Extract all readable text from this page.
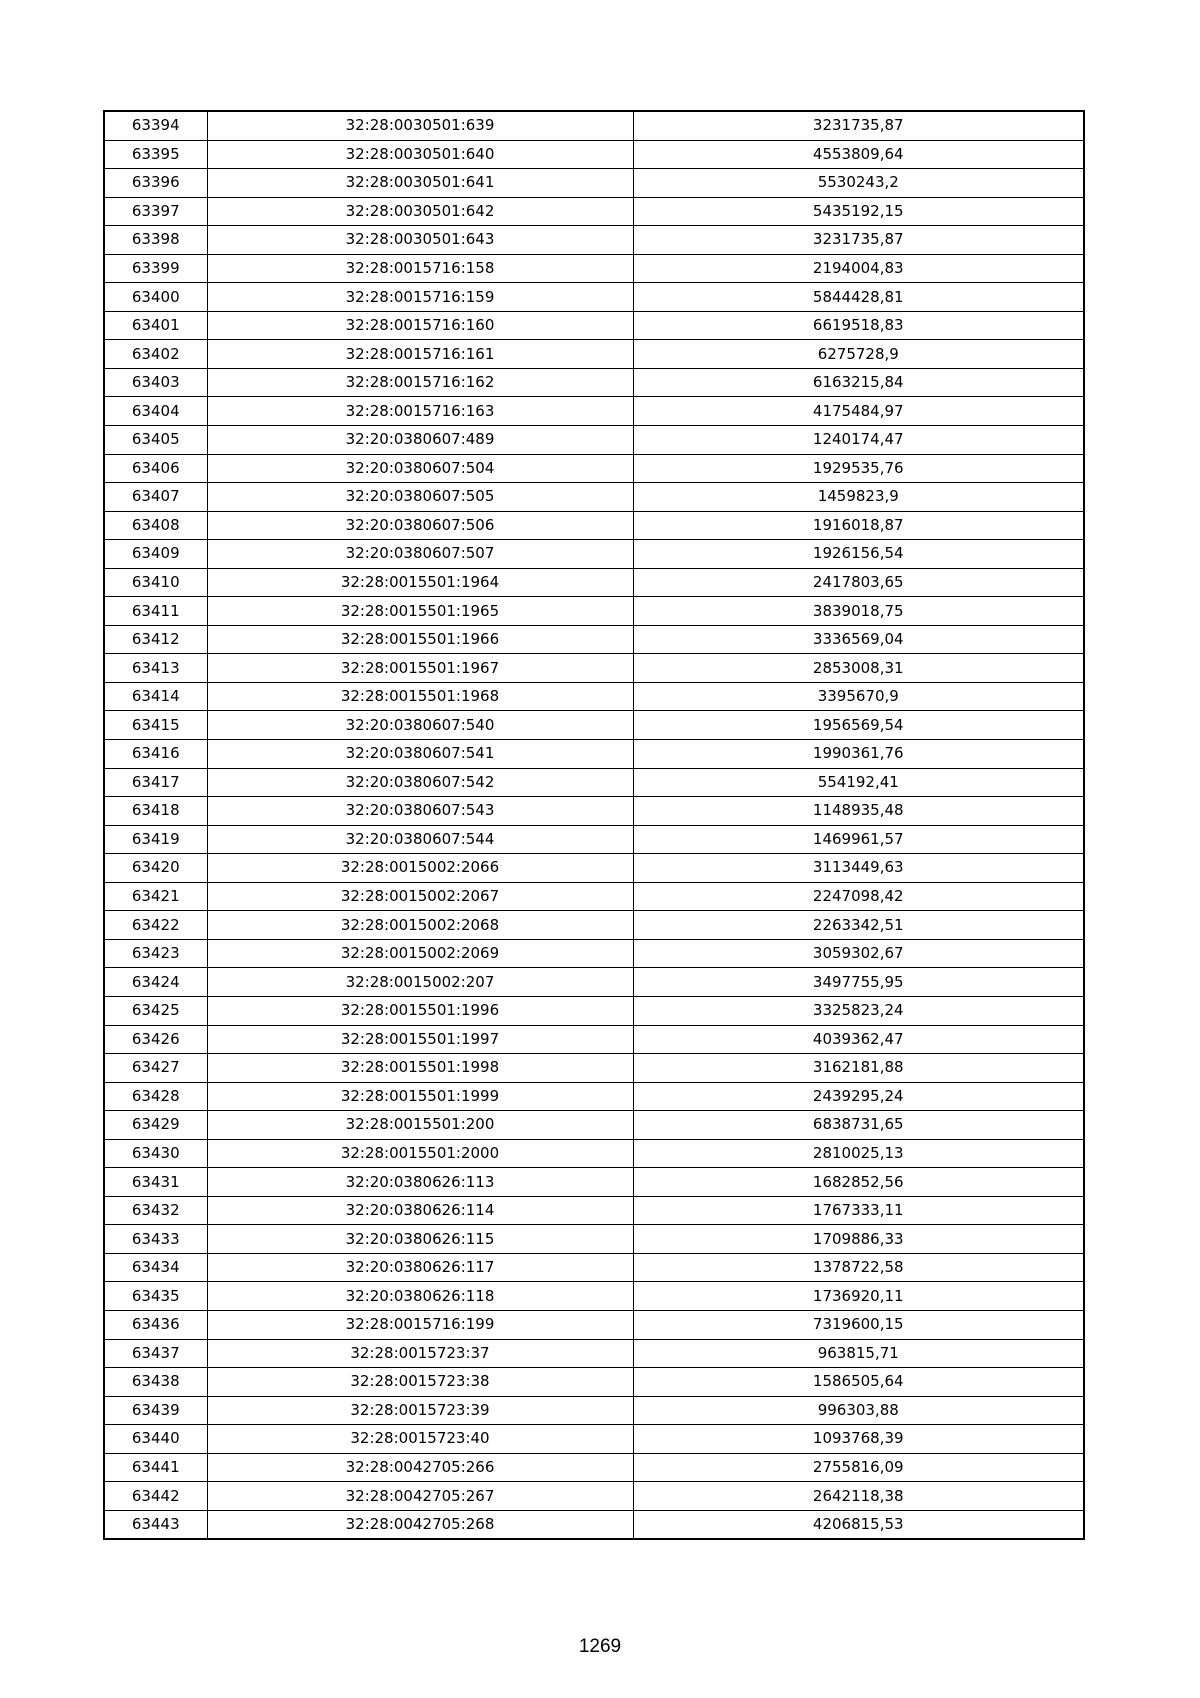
63394	32:28:0030501:639	3231735,87
63395	32:28:0030501:640	4553809,64
63396	32:28:0030501:641	5530243,2
63397	32:28:0030501:642	5435192,15
63398	32:28:0030501:643	3231735,87
63399	32:28:0015716:158	2194004,83
63400	32:28:0015716:159	5844428,81
63401	32:28:0015716:160	6619518,83
63402	32:28:0015716:161	6275728,9
63403	32:28:0015716:162	6163215,84
63404	32:28:0015716:163	4175484,97
63405	32:20:0380607:489	1240174,47
63406	32:20:0380607:504	1929535,76
63407	32:20:0380607:505	1459823,9
63408	32:20:0380607:506	1916018,87
63409	32:20:0380607:507	1926156,54
63410	32:28:0015501:1964	2417803,65
63411	32:28:0015501:1965	3839018,75
63412	32:28:0015501:1966	3336569,04
63413	32:28:0015501:1967	2853008,31
63414	32:28:0015501:1968	3395670,9
63415	32:20:0380607:540	1956569,54
63416	32:20:0380607:541	1990361,76
63417	32:20:0380607:542	554192,41
63418	32:20:0380607:543	1148935,48
63419	32:20:0380607:544	1469961,57
63420	32:28:0015002:2066	3113449,63
63421	32:28:0015002:2067	2247098,42
63422	32:28:0015002:2068	2263342,51
63423	32:28:0015002:2069	3059302,67
63424	32:28:0015002:207	3497755,95
63425	32:28:0015501:1996	3325823,24
63426	32:28:0015501:1997	4039362,47
63427	32:28:0015501:1998	3162181,88
63428	32:28:0015501:1999	2439295,24
63429	32:28:0015501:200	6838731,65
63430	32:28:0015501:2000	2810025,13
63431	32:20:0380626:113	1682852,56
63432	32:20:0380626:114	1767333,11
63433	32:20:0380626:115	1709886,33
63434	32:20:0380626:117	1378722,58
63435	32:20:0380626:118	1736920,11
63436	32:28:0015716:199	7319600,15
63437	32:28:0015723:37	963815,71
63438	32:28:0015723:38	1586505,64
63439	32:28:0015723:39	996303,88
63440	32:28:0015723:40	1093768,39
63441	32:28:0042705:266	2755816,09
63442	32:28:0042705:267	2642118,38
63443	32:28:0042705:268	4206815,53
1269
